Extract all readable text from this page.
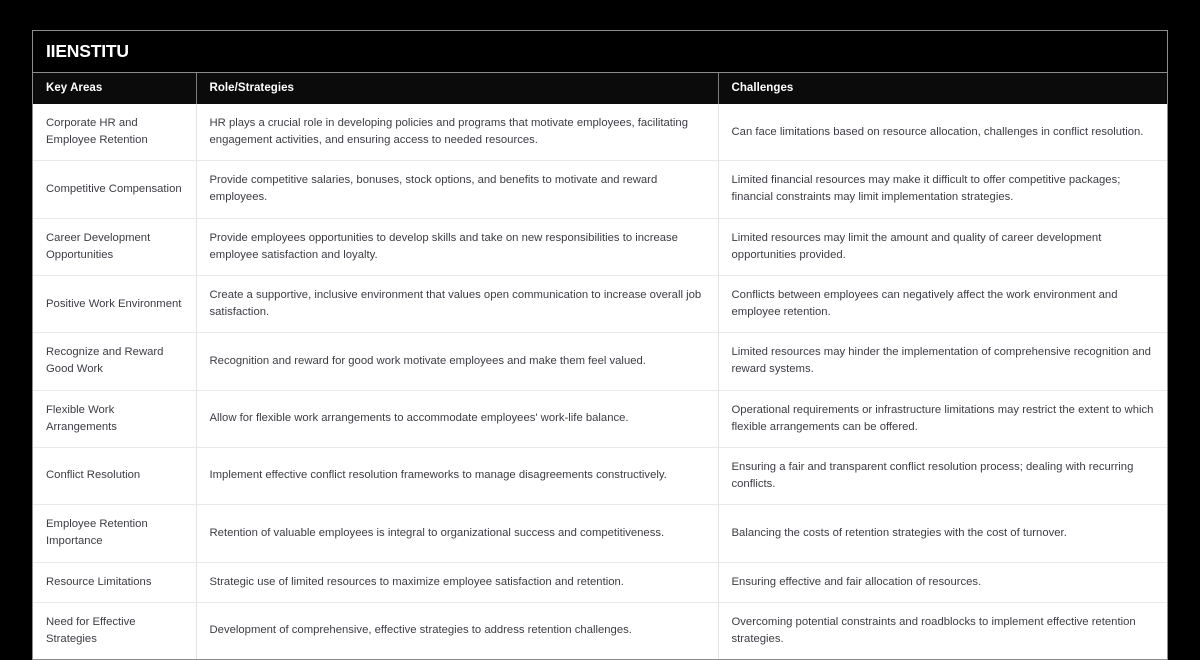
IIENSTITU
Key Areas	Role/Strategies	Challenges
Corporate HR and Employee Retention	HR plays a crucial role in developing policies and programs that motivate employees, facilitating engagement activities, and ensuring access to needed resources.	Can face limitations based on resource allocation, challenges in conflict resolution.
Competitive Compensation	Provide competitive salaries, bonuses, stock options, and benefits to motivate and reward employees.	Limited financial resources may make it difficult to offer competitive packages; financial constraints may limit implementation strategies.
Career Development Opportunities	Provide employees opportunities to develop skills and take on new responsibilities to increase employee satisfaction and loyalty.	Limited resources may limit the amount and quality of career development opportunities provided.
Positive Work Environment	Create a supportive, inclusive environment that values open communication to increase overall job satisfaction.	Conflicts between employees can negatively affect the work environment and employee retention.
Recognize and Reward Good Work	Recognition and reward for good work motivate employees and make them feel valued.	Limited resources may hinder the implementation of comprehensive recognition and reward systems.
Flexible Work Arrangements	Allow for flexible work arrangements to accommodate employees' work-life balance.	Operational requirements or infrastructure limitations may restrict the extent to which flexible arrangements can be offered.
Conflict Resolution	Implement effective conflict resolution frameworks to manage disagreements constructively.	Ensuring a fair and transparent conflict resolution process; dealing with recurring conflicts.
Employee Retention Importance	Retention of valuable employees is integral to organizational success and competitiveness.	Balancing the costs of retention strategies with the cost of turnover.
Resource Limitations	Strategic use of limited resources to maximize employee satisfaction and retention.	Ensuring effective and fair allocation of resources.
Need for Effective Strategies	Development of comprehensive, effective strategies to address retention challenges.	Overcoming potential constraints and roadblocks to implement effective retention strategies.
